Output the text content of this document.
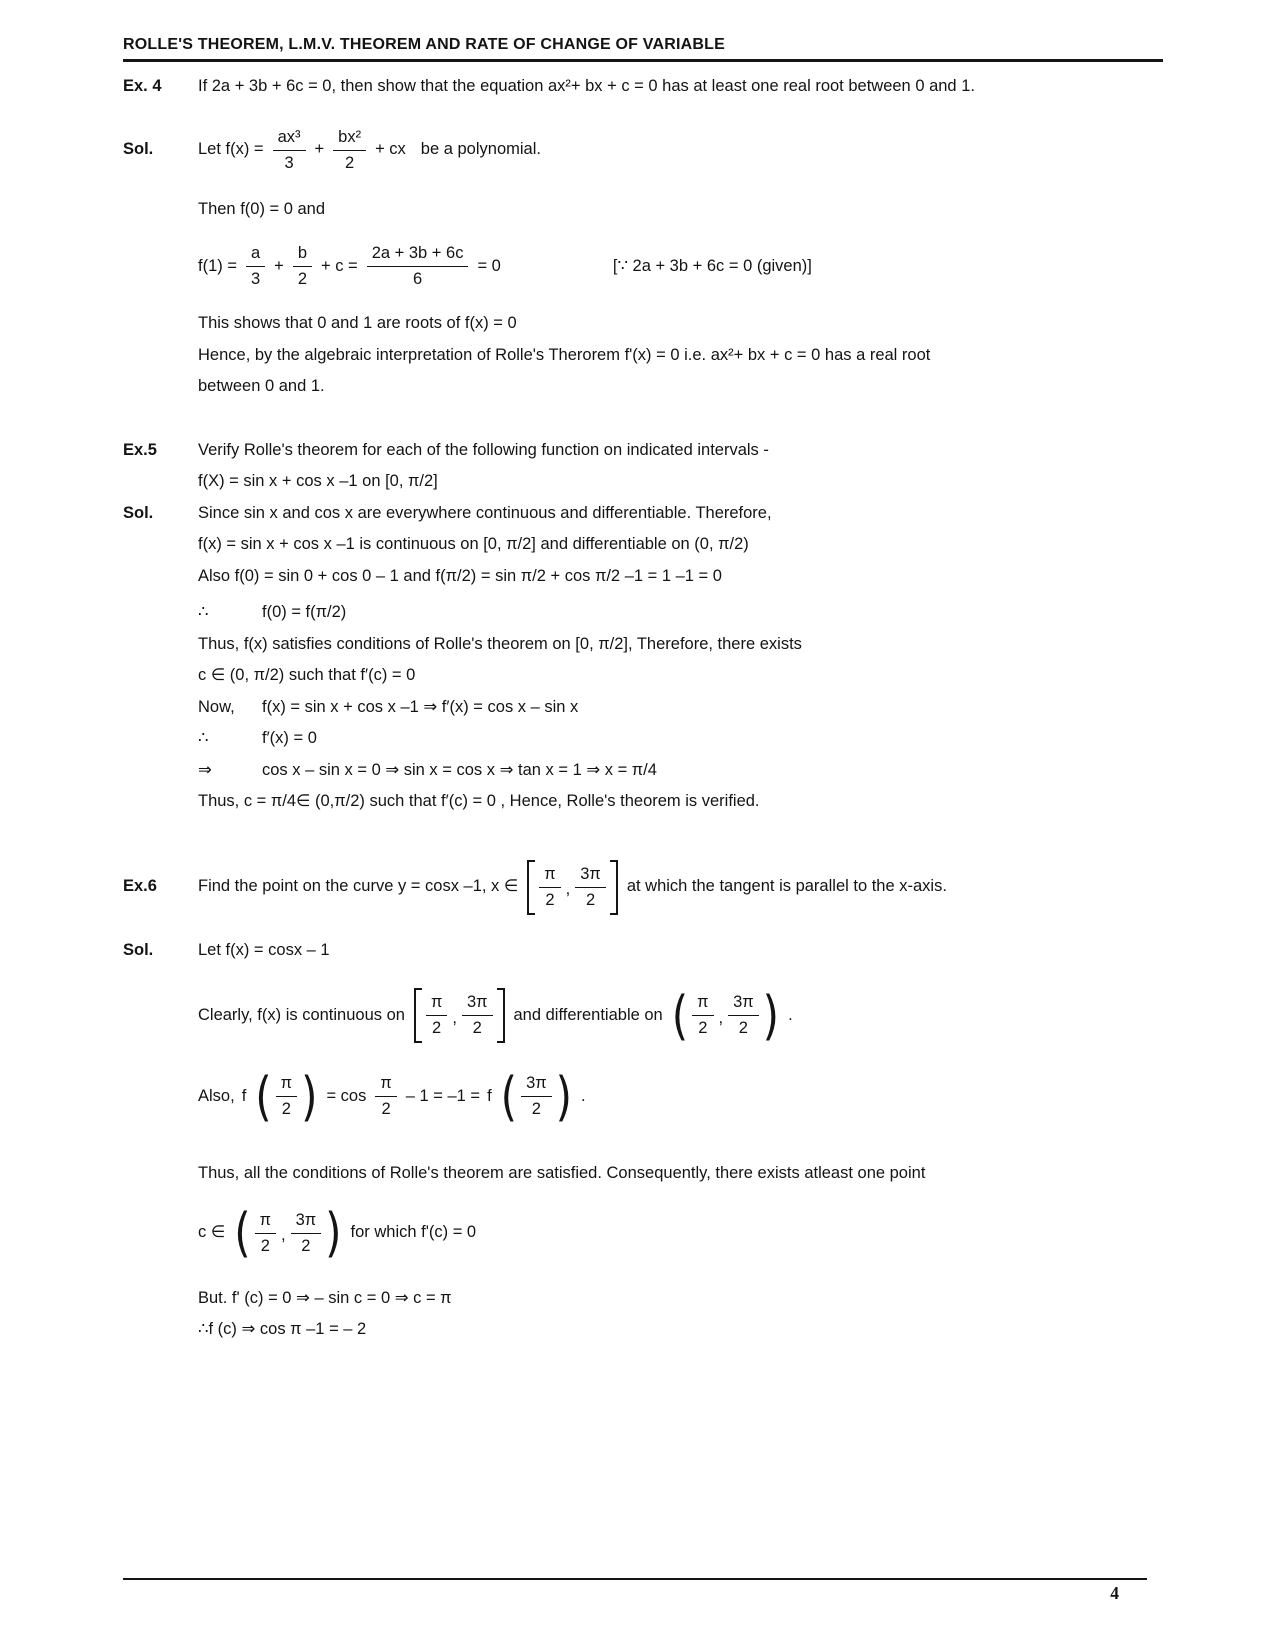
ROLLE'S THEOREM, L.M.V. THEOREM AND RATE OF CHANGE OF VARIABLE
Ex. 4	If 2a + 3b + 6c = 0, then show that the equation ax²+ bx + c = 0 has at least one real root between 0 and 1.
Sol.	Let $f(x) = \frac{\text{ax³}}{3} + \frac{\text{bx²}}{2}$ + cx be a polynomial.
Then f(0) = 0 and
$f(1) = \frac{a}{3} + \frac{b}{2} + c = \frac{2a + 3b + 6c}{6} = 0$	[∵ 2a + 3b + 6c = 0 (given)]
This shows that 0 and 1 are roots of f(x) = 0
Hence, by the algebraic interpretation of Rolle's Therorem f'(x) = 0 i.e. ax²+ bx + c = 0 has a real root
between 0 and 1.
Ex.5	Verify Rolle's theorem for each of the following function on indicated intervals -
f(X) = sin x + cos x –1 on [0, π/2]
Sol.	Since sin x and cos x are everywhere continuous and differentiable. Therefore,
f(x) = sin x + cos x –1 is continuous on [0, π/2] and differentiable on (0, π/2)
Also f(0) = sin 0 + cos 0 – 1 and f(π/2) = sin π/2 + cos π/2 –1 = 1 –1 = 0
∴	f(0) = f(π/2)
Thus, f(x) satisfies conditions of Rolle's theorem on [0, π/2], Therefore, there exists
c ∈ (0, π/2) such that f′(c) = 0
Now,	f(x) = sin x + cos x –1 ⇒ f′(x) = cos x – sin x
∴	f′(x) = 0
⇒	cos x – sin x = 0 ⇒ sin x = cos x ⇒ tan x = 1 ⇒ x = π/4
Thus, c = π/4∈ (0,π/2) such that f′(c) = 0 , Hence, Rolle's theorem is verified.
Ex.6	Find the point on the curve y = cosx –1, x ∈ $\frac{\pi}{2}$ , $\frac{3\pi}{2}$ at which the tangent is parallel to the x-axis.
Sol.	Let f(x) = cosx – 1
Clearly, f(x) is continuous on $\frac{\pi}{2}$ , $\frac{3\pi}{2}$ and differentiable on ( $\frac{\pi}{2}$ , $\frac{3\pi}{2}$ ) .
Also, f ( $\frac{\pi}{2}$ ) = $\cos \frac{\pi}{2} - 1 = -1 = f$ ( $\frac{3\pi}{2}$ ) .
Thus, all the conditions of Rolle's theorem are satisfied. Consequently, there exists atleast one point
c ∈ ( $\frac{\pi}{2}$ , $\frac{3\pi}{2}$ ) for which f'(c) = 0
But. f' (c) = 0 ⇒ – sin c = 0 ⇒ c = π
∴f (c) ⇒ cos π –1 = – 2
4
